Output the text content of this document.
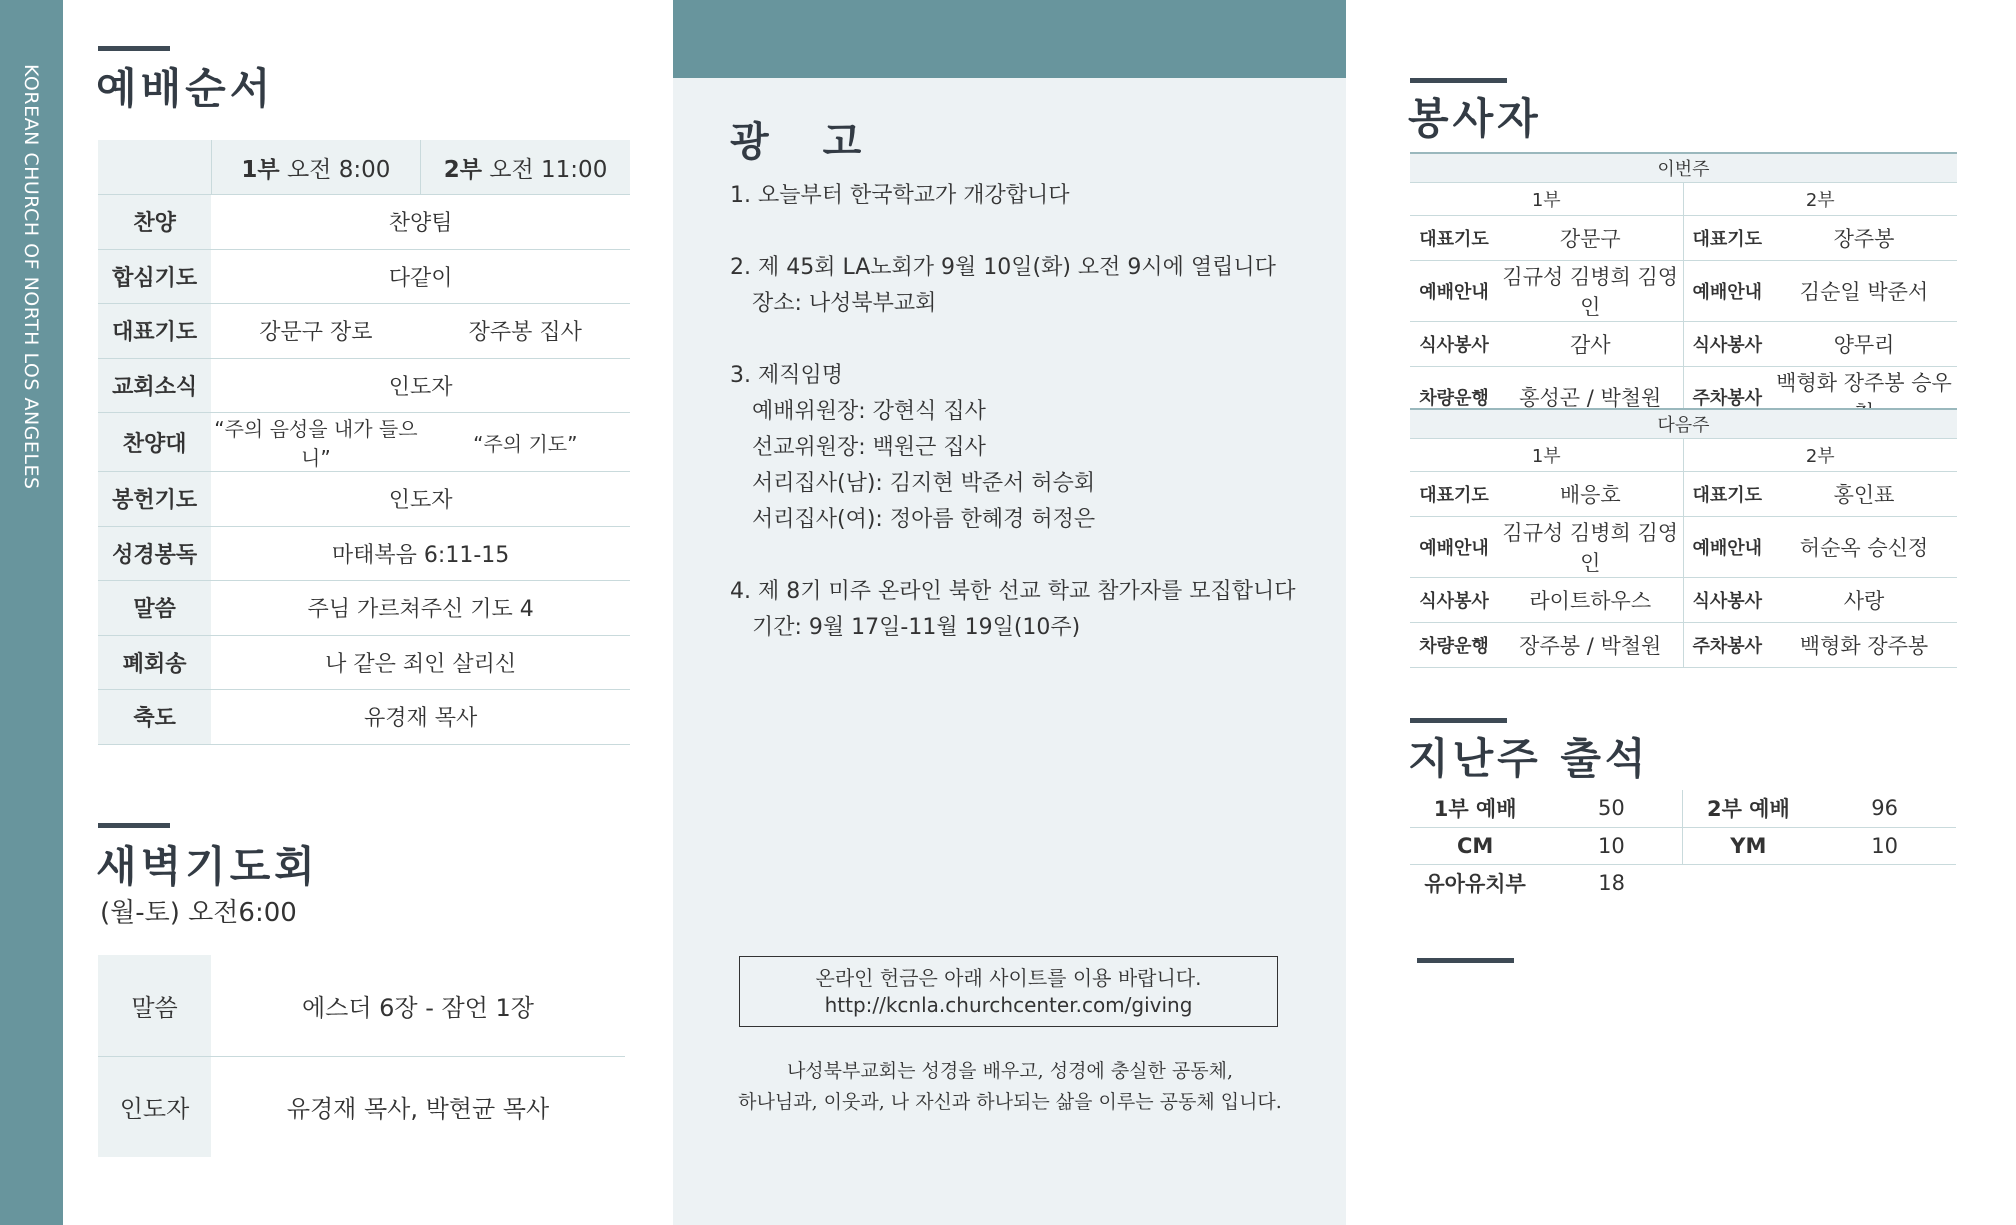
KOREAN CHURCH OF NORTH LOS ANGELES 예배순서
	1부 오전 8:00	2부 오전 11:00
찬양	찬양팀	
합심기도	다같이	
대표기도	강문구 장로	장주봉 집사
교회소식	인도자	
찬양대	“주의 음성을 내가 들으니”	“주의 기도”
봉헌기도	인도자	
성경봉독	마태복음 6:11-15	
말씀	주님 가르쳐주신 기도 4	
폐회송	나 같은 죄인 살리신	
축도	유경재 목사	
새벽기도회
(월-토) 오전6:00
말씀	에스더 6장 - 잠언 1장
인도자	유경재 목사, 박현균 목사
광 고
1. 오늘부터 한국학교가 개강합니다
2. 제 45회 LA노회가 9월 10일(화) 오전 9시에 열립니다
장소: 나성북부교회
3. 제직임명
예배위원장: 강현식 집사
선교위원장: 백원근 집사
서리집사(남): 김지현 박준서 허승회
서리집사(여): 정아름 한혜경 허정은
4. 제 8기 미주 온라인 북한 선교 학교 참가자를 모집합니다
기간: 9월 17일-11월 19일(10주)
온라인 헌금은 아래 사이트를 이용 바랍니다.
http://kcnla.churchcenter.com/giving
나성북부교회는 성경을 배우고, 성경에 충실한 공동체,
하나님과, 이웃과, 나 자신과 하나되는 삶을 이루는 공동체 입니다.
봉사자
이번주			
1부		2부	
대표기도	강문구	대표기도	장주봉
예배안내	김규성 김병희 김영인	예배안내	김순일 박준서
식사봉사	감사	식사봉사	양무리
차량운행	홍성곤 / 박철원	주차봉사	백형화 장주봉 승우
다음주			
1부		2부	
대표기도	배응호	대표기도	홍인표
예배안내	김규성 김병희 김영인	예배안내	허순옥 승신정
식사봉사	라이트하우스	식사봉사	사랑
차량운행	장주봉 / 박철원	주차봉사	백형화 장주봉
지난주 출석
1부 예배	50	2부 예배	96
CM	10	YM	10
유아유치부	18		
